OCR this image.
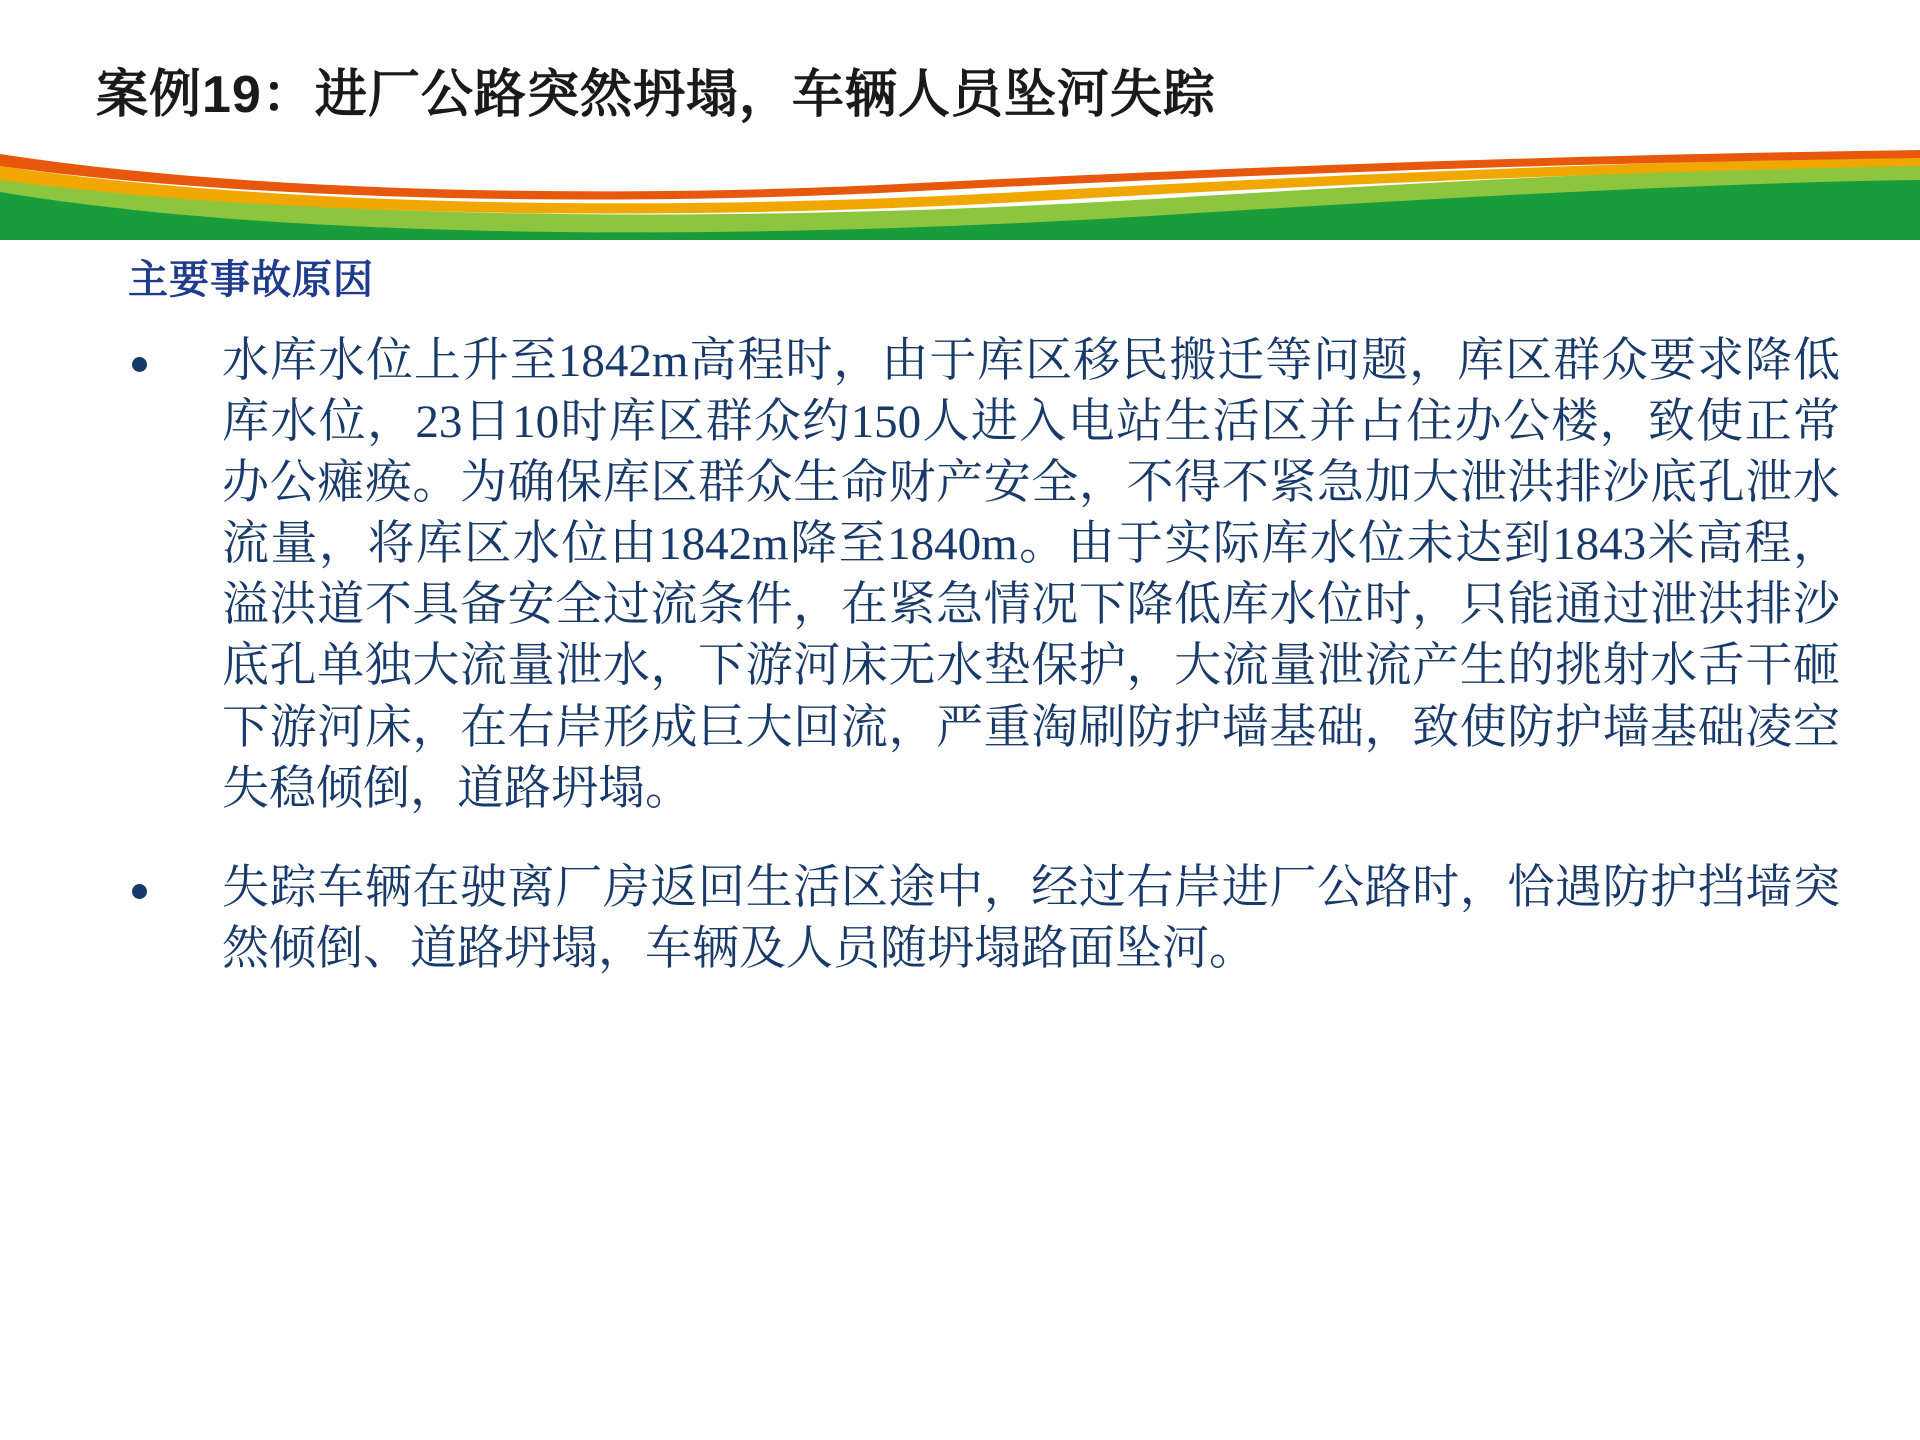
案例19：进厂公路突然坍塌，车辆人员坠河失踪
主要事故原因
水库水位上升至1842m高程时，由于库区移民搬迁等问题，库区群众要求降低库水位，23日10时库区群众约150人进入电站生活区并占住办公楼，致使正常办公瘫痪。为确保库区群众生命财产安全，不得不紧急加大泄洪排沙底孔泄水流量，将库区水位由1842m降至1840m。由于实际库水位未达到1843米高程，溢洪道不具备安全过流条件，在紧急情况下降低库水位时，只能通过泄洪排沙底孔单独大流量泄水，下游河床无水垫保护，大流量泄流产生的挑射水舌干砸下游河床，在右岸形成巨大回流，严重淘刷防护墙基础，致使防护墙基础凌空失稳倾倒，道路坍塌。
失踪车辆在驶离厂房返回生活区途中，经过右岸进厂公路时，恰遇防护挡墙突然倾倒、道路坍塌，车辆及人员随坍塌路面坠河。
